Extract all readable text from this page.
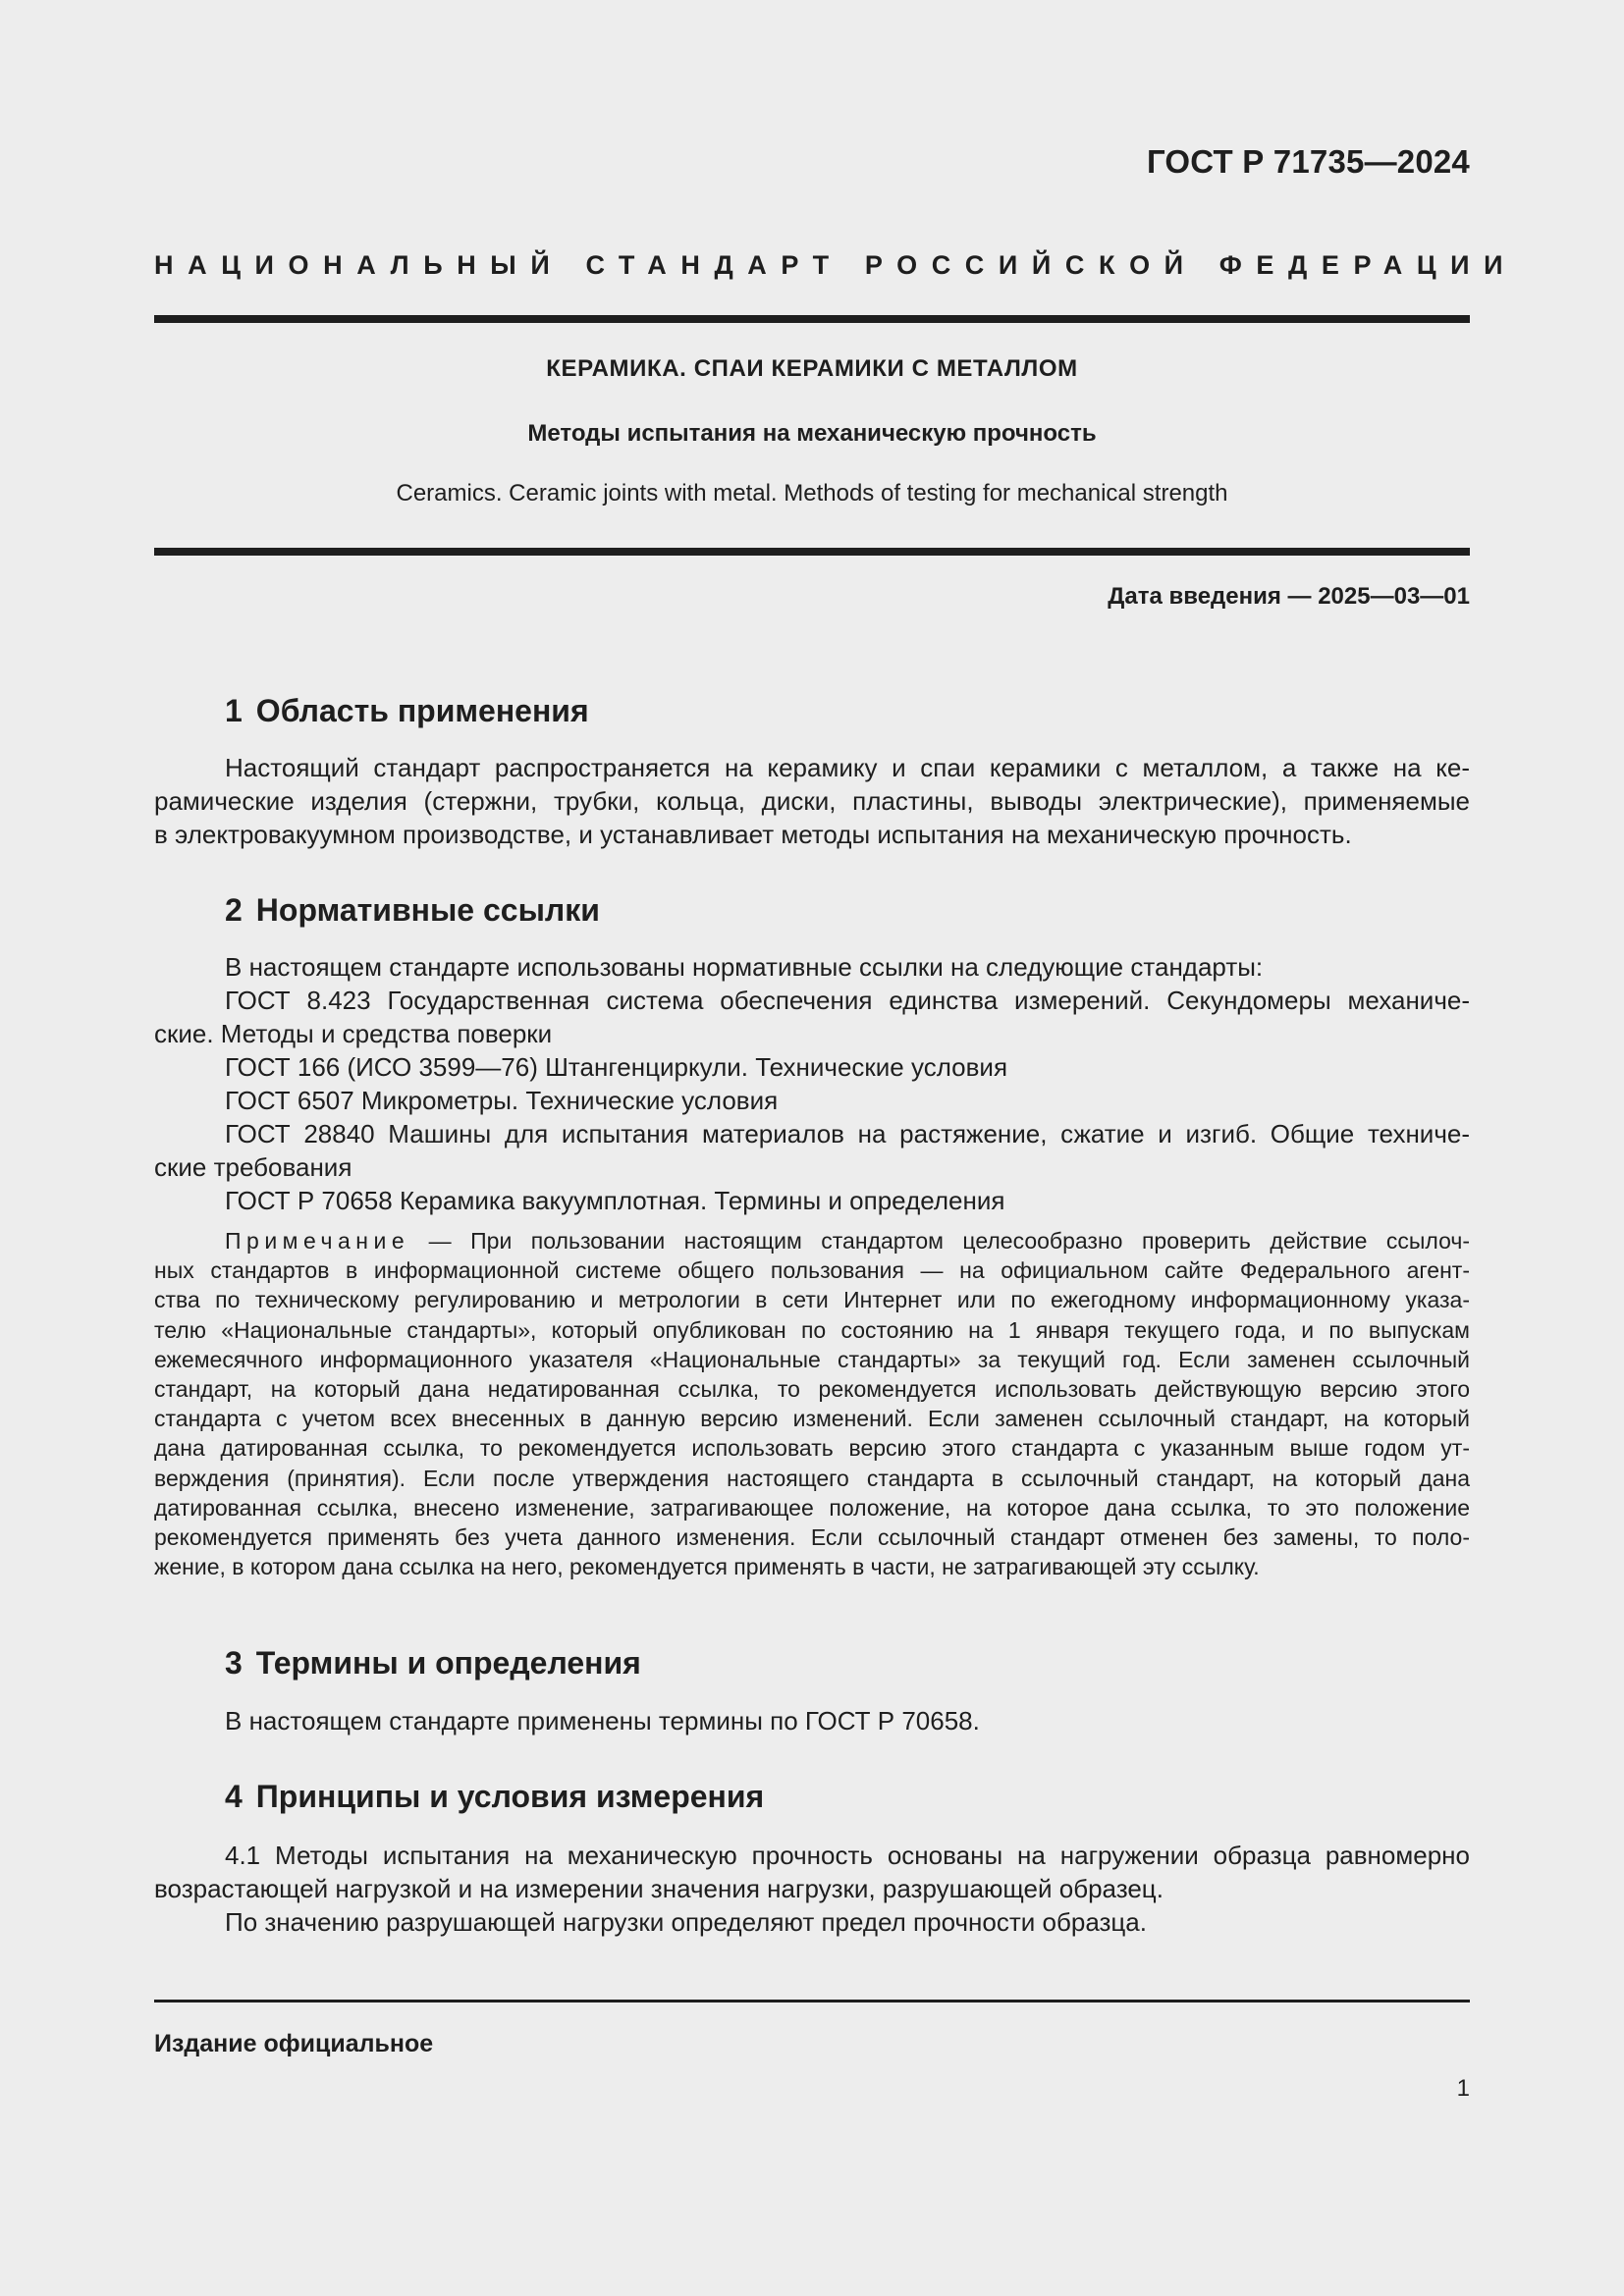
ГОСТ Р 71735—2024
НАЦИОНАЛЬНЫЙ СТАНДАРТ РОССИЙСКОЙ ФЕДЕРАЦИИ
КЕРАМИКА. СПАИ КЕРАМИКИ С МЕТАЛЛОМ
Методы испытания на механическую прочность
Ceramics. Ceramic joints with metal. Methods of testing for mechanical strength
Дата введения — 2025—03—01
1 Область применения
Настоящий стандарт распространяется на керамику и спаи керамики с металлом, а также на ке-
рамические изделия (стержни, трубки, кольца, диски, пластины, выводы электрические), применяемые
в электровакуумном производстве, и устанавливает методы испытания на механическую прочность.
2 Нормативные ссылки
В настоящем стандарте использованы нормативные ссылки на следующие стандарты:
ГОСТ 8.423 Государственная система обеспечения единства измерений. Секундомеры механиче-
ские. Методы и средства поверки
ГОСТ 166 (ИСО 3599—76) Штангенциркули. Технические условия
ГОСТ 6507 Микрометры. Технические условия
ГОСТ 28840 Машины для испытания материалов на растяжение, сжатие и изгиб. Общие техниче-
ские требования
ГОСТ Р 70658 Керамика вакуумплотная. Термины и определения
Примечание — При пользовании настоящим стандартом целесообразно проверить действие ссылоч-
ных стандартов в информационной системе общего пользования — на официальном сайте Федерального агент-
ства по техническому регулированию и метрологии в сети Интернет или по ежегодному информационному указа-
телю «Национальные стандарты», который опубликован по состоянию на 1 января текущего года, и по выпускам
ежемесячного информационного указателя «Национальные стандарты» за текущий год. Если заменен ссылочный
стандарт, на который дана недатированная ссылка, то рекомендуется использовать действующую версию этого
стандарта с учетом всех внесенных в данную версию изменений. Если заменен ссылочный стандарт, на который
дана датированная ссылка, то рекомендуется использовать версию этого стандарта с указанным выше годом ут-
верждения (принятия). Если после утверждения настоящего стандарта в ссылочный стандарт, на который дана
датированная ссылка, внесено изменение, затрагивающее положение, на которое дана ссылка, то это положение
рекомендуется применять без учета данного изменения. Если ссылочный стандарт отменен без замены, то поло-
жение, в котором дана ссылка на него, рекомендуется применять в части, не затрагивающей эту ссылку.
3 Термины и определения
В настоящем стандарте применены термины по ГОСТ Р 70658.
4 Принципы и условия измерения
4.1 Методы испытания на механическую прочность основаны на нагружении образца равномерно
возрастающей нагрузкой и на измерении значения нагрузки, разрушающей образец.
По значению разрушающей нагрузки определяют предел прочности образца.
Издание официальное
1
